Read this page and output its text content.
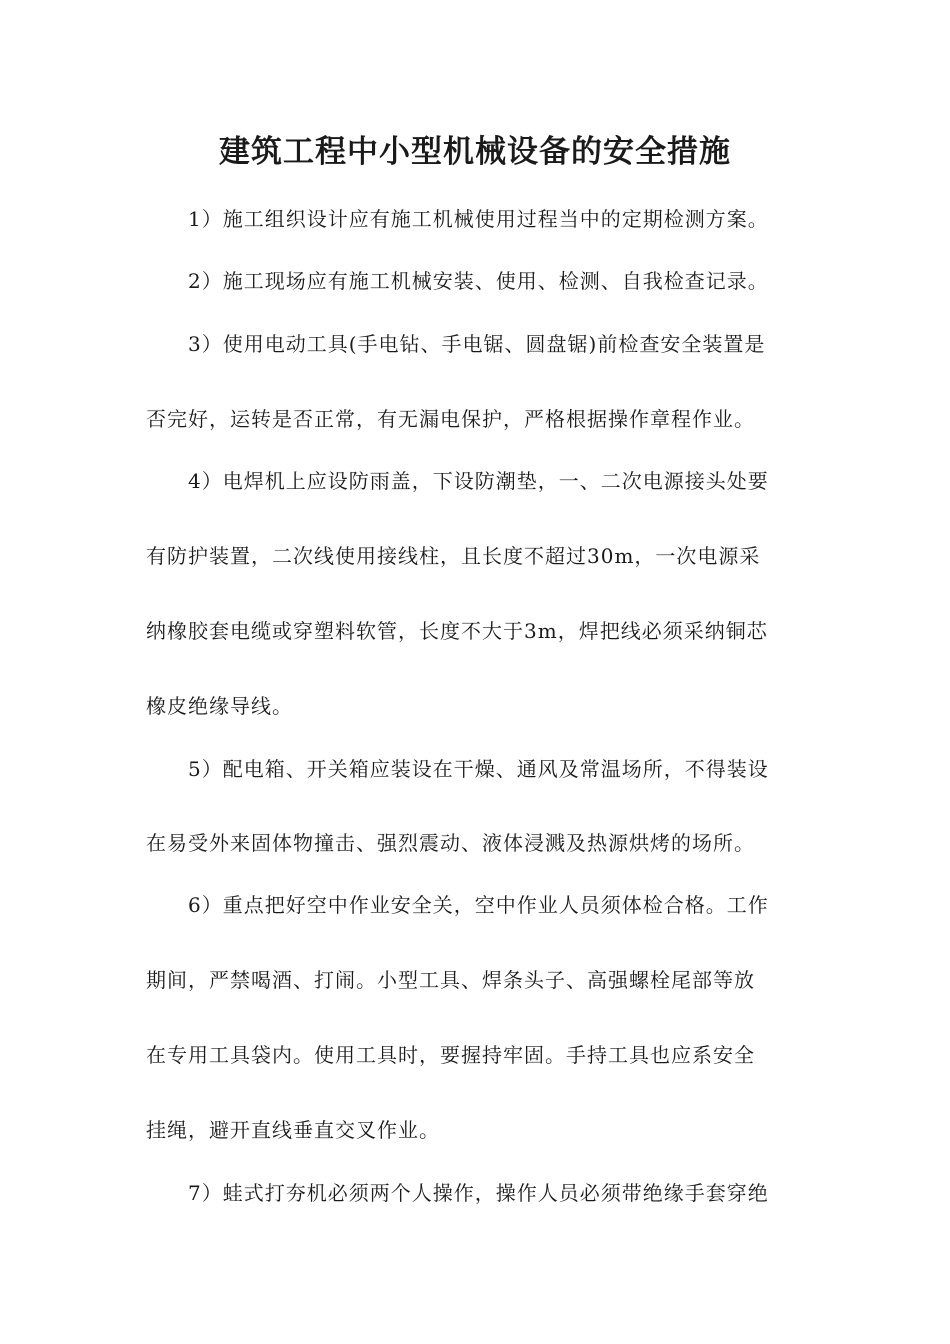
建筑工程中小型机械设备的安全措施
1）施工组织设计应有施工机械使用过程当中的定期检测方案。
2）施工现场应有施工机械安装、使用、检测、自我检查记录。
3）使用电动工具(手电钻、手电锯、圆盘锯)前检查安全装置是
否完好，运转是否正常，有无漏电保护，严格根据操作章程作业。
4）电焊机上应设防雨盖，下设防潮垫，一、二次电源接头处要
有防护装置，二次线使用接线柱，且长度不超过30m，一次电源采
纳橡胶套电缆或穿塑料软管，长度不大于3m，焊把线必须采纳铜芯
橡皮绝缘导线。
5）配电箱、开关箱应装设在干燥、通风及常温场所，不得装设
在易受外来固体物撞击、强烈震动、液体浸溅及热源烘烤的场所。
6）重点把好空中作业安全关，空中作业人员须体检合格。工作
期间，严禁喝酒、打闹。小型工具、焊条头子、高强螺栓尾部等放
在专用工具袋内。使用工具时，要握持牢固。手持工具也应系安全
挂绳，避开直线垂直交叉作业。
7）蛙式打夯机必须两个人操作，操作人员必须带绝缘手套穿绝
